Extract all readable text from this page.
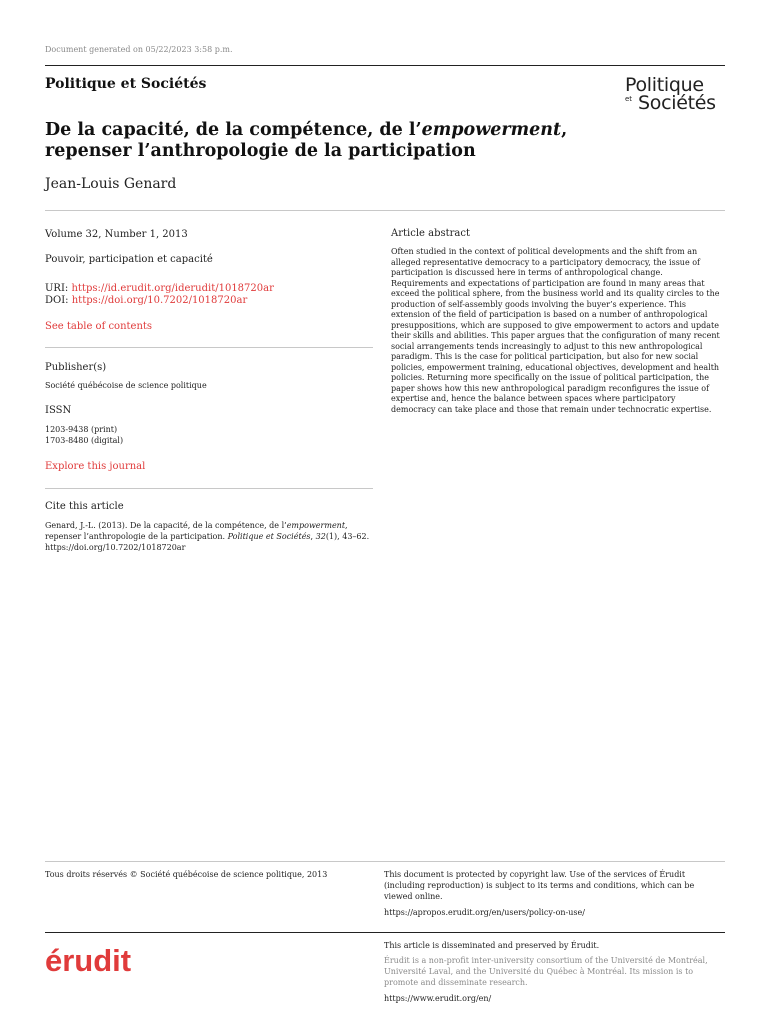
Document generated on 05/22/2023 3:58 p.m.
Politique et Sociétés	Politique
et Sociétés
De la capacité, de la compétence, de l’empowerment, repenser l’anthropologie de la participation
Jean-Louis Genard
Volume 32, Number 1, 2013
Pouvoir, participation et capacité
URI: https://id.erudit.org/iderudit/1018720ar
DOI: https://doi.org/10.7202/1018720ar
See table of contents
Publisher(s)
Société québécoise de science politique
ISSN
1203-9438 (print)
1703-8480 (digital)
Explore this journal
Cite this article
Genard, J.-L. (2013). De la capacité, de la compétence, de l’empowerment, repenser l’anthropologie de la participation. Politique et Sociétés, 32(1), 43–62. https://doi.org/10.7202/1018720ar
Article abstract
Often studied in the context of political developments and the shift from an alleged representative democracy to a participatory democracy, the issue of participation is discussed here in terms of anthropological change. Requirements and expectations of participation are found in many areas that exceed the political sphere, from the business world and its quality circles to the production of self-assembly goods involving the buyer’s experience. This extension of the field of participation is based on a number of anthropological presuppositions, which are supposed to give empowerment to actors and update their skills and abilities. This paper argues that the configuration of many recent social arrangements tends increasingly to adjust to this new anthropological paradigm. This is the case for political participation, but also for new social policies, empowerment training, educational objectives, development and health policies. Returning more specifically on the issue of political participation, the paper shows how this new anthropological paradigm reconfigures the issue of expertise and, hence the balance between spaces where participatory democracy can take place and those that remain under technocratic expertise.
Tous droits réservés © Société québécoise de science politique, 2013	This document is protected by copyright law. Use of the services of Érudit (including reproduction) is subject to its terms and conditions, which can be viewed online.
https://apropos.erudit.org/en/users/policy-on-use/
érudit	This article is disseminated and preserved by Érudit.
Érudit is a non-profit inter-university consortium of the Université de Montréal, Université Laval, and the Université du Québec à Montréal. Its mission is to promote and disseminate research.
https://www.erudit.org/en/
